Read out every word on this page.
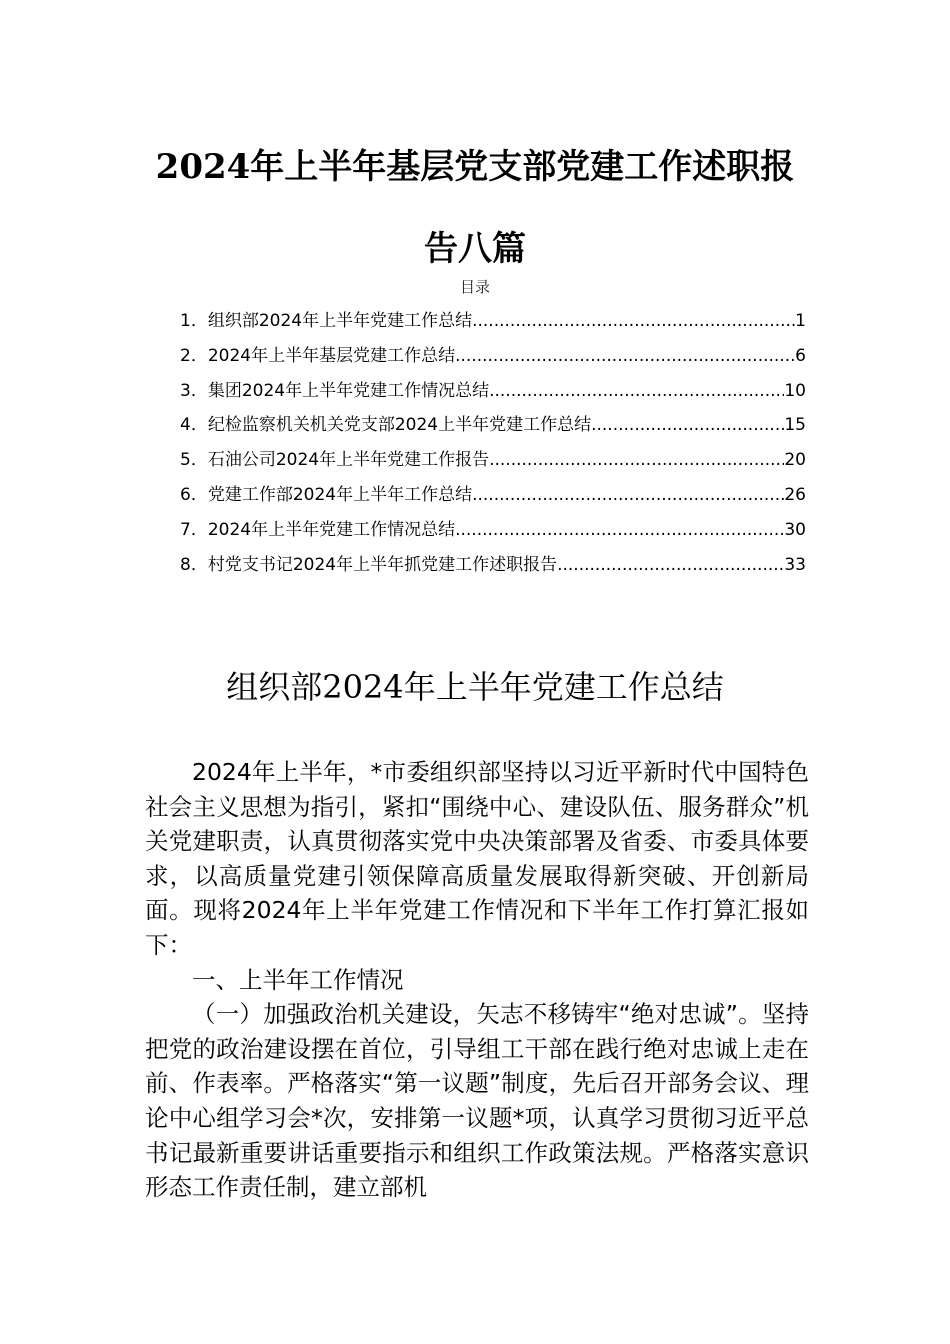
2024年上半年基层党支部党建工作述职报告八篇
目录
1．组织部2024年上半年党建工作总结 .....	1
2．2024年上半年基层党建工作总结 .....	6
3．集团2024年上半年党建工作情况总结 .....	10
4．纪检监察机关机关党支部2024上半年党建工作总结 .....	15
5．石油公司2024年上半年党建工作报告 .....	20
6．党建工作部2024年上半年工作总结 .....	26
7．2024年上半年党建工作情况总结 .....	30
8．村党支书记2024年上半年抓党建工作述职报告 .....	33
组织部2024年上半年党建工作总结

2024年上半年，*市委组织部坚持以习近平新时代中国特色社会主义思想为指引，紧扣“围绕中心、建设队伍、服务群众”机关党建职责，认真贯彻落实党中央决策部署及省委、市委具体要求，以高质量党建引领保障高质量发展取得新突破、开创新局面。现将2024年上半年党建工作情况和下半年工作打算汇报如下：

一、上半年工作情况

（一）加强政治机关建设，矢志不移铸牢“绝对忠诚”。坚持把党的政治建设摆在首位，引导组工干部在践行绝对忠诚上走在前、作表率。严格落实“第一议题”制度，先后召开部务会议、理论中心组学习会*次，安排第一议题*项，认真学习贯彻习近平总书记最新重要讲话重要指示和组织工作政策法规。严格落实意识形态工作责任制，建立部机
